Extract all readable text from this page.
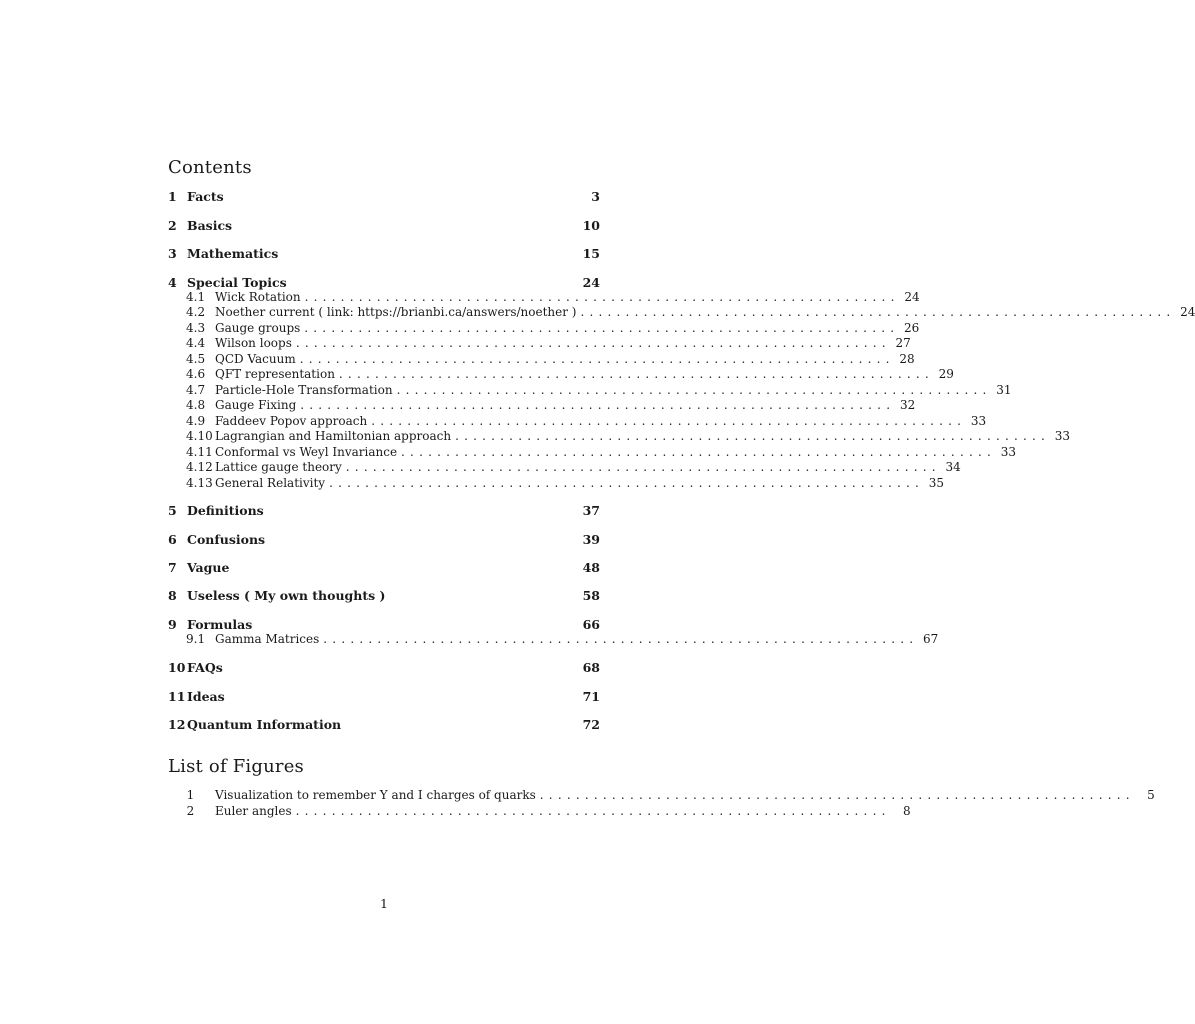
Contents
1 Facts	3
2 Basics	10
3 Mathematics	15
4 Special Topics	24
4.1 Wick Rotation .................................................................. 24
4.2 Noether current ( link: https://brianbi.ca/answers/noether ) .................................................................. 24
4.3 Gauge groups .................................................................. 26
4.4 Wilson loops .................................................................. 27
4.5 QCD Vacuum .................................................................. 28
4.6 QFT representation .................................................................. 29
4.7 Particle-Hole Transformation .................................................................. 31
4.8 Gauge Fixing .................................................................. 32
4.9 Faddeev Popov approach .................................................................. 33
4.10 Lagrangian and Hamiltonian approach .................................................................. 33
4.11 Conformal vs Weyl Invariance .................................................................. 33
4.12 Lattice gauge theory .................................................................. 34
4.13 General Relativity .................................................................. 35
5 Definitions	37
6 Confusions	39
7 Vague	48
8 Useless ( My own thoughts )	58
9 Formulas	66
9.1 Gamma Matrices .................................................................. 67
10 FAQs	68
11 Ideas	71
12 Quantum Information	72
List of Figures
1	Visualization to remember Y and I charges of quarks ..................................................................	5
2	Euler angles ..................................................................	8
1
